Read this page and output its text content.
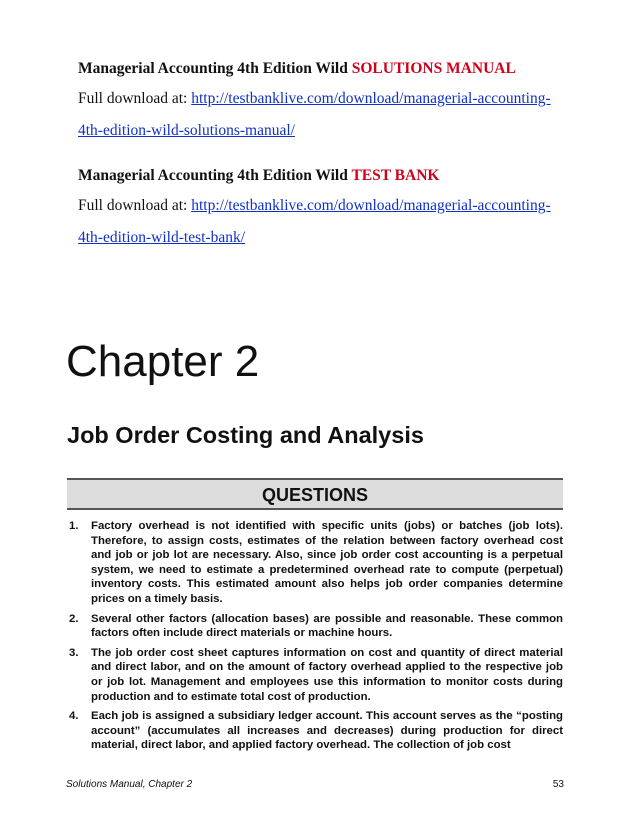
Managerial Accounting 4th Edition Wild SOLUTIONS MANUAL
Full download at: http://testbanklive.com/download/managerial-accounting-
4th-edition-wild-solutions-manual/
Managerial Accounting 4th Edition Wild TEST BANK
Full download at: http://testbanklive.com/download/managerial-accounting-
4th-edition-wild-test-bank/
Chapter 2
Job Order Costing and Analysis
QUESTIONS
1. Factory overhead is not identified with specific units (jobs) or batches (job lots). Therefore, to assign costs, estimates of the relation between factory overhead cost and job or job lot are necessary. Also, since job order cost accounting is a perpetual system, we need to estimate a predetermined overhead rate to compute (perpetual) inventory costs. This estimated amount also helps job order companies determine prices on a timely basis.
2. Several other factors (allocation bases) are possible and reasonable. These common factors often include direct materials or machine hours.
3. The job order cost sheet captures information on cost and quantity of direct material and direct labor, and on the amount of factory overhead applied to the respective job or job lot. Management and employees use this information to monitor costs during production and to estimate total cost of production.
4. Each job is assigned a subsidiary ledger account. This account serves as the “posting account” (accumulates all increases and decreases) during production for direct material, direct labor, and applied factory overhead. The collection of job cost
Solutions Manual, Chapter 2	53
